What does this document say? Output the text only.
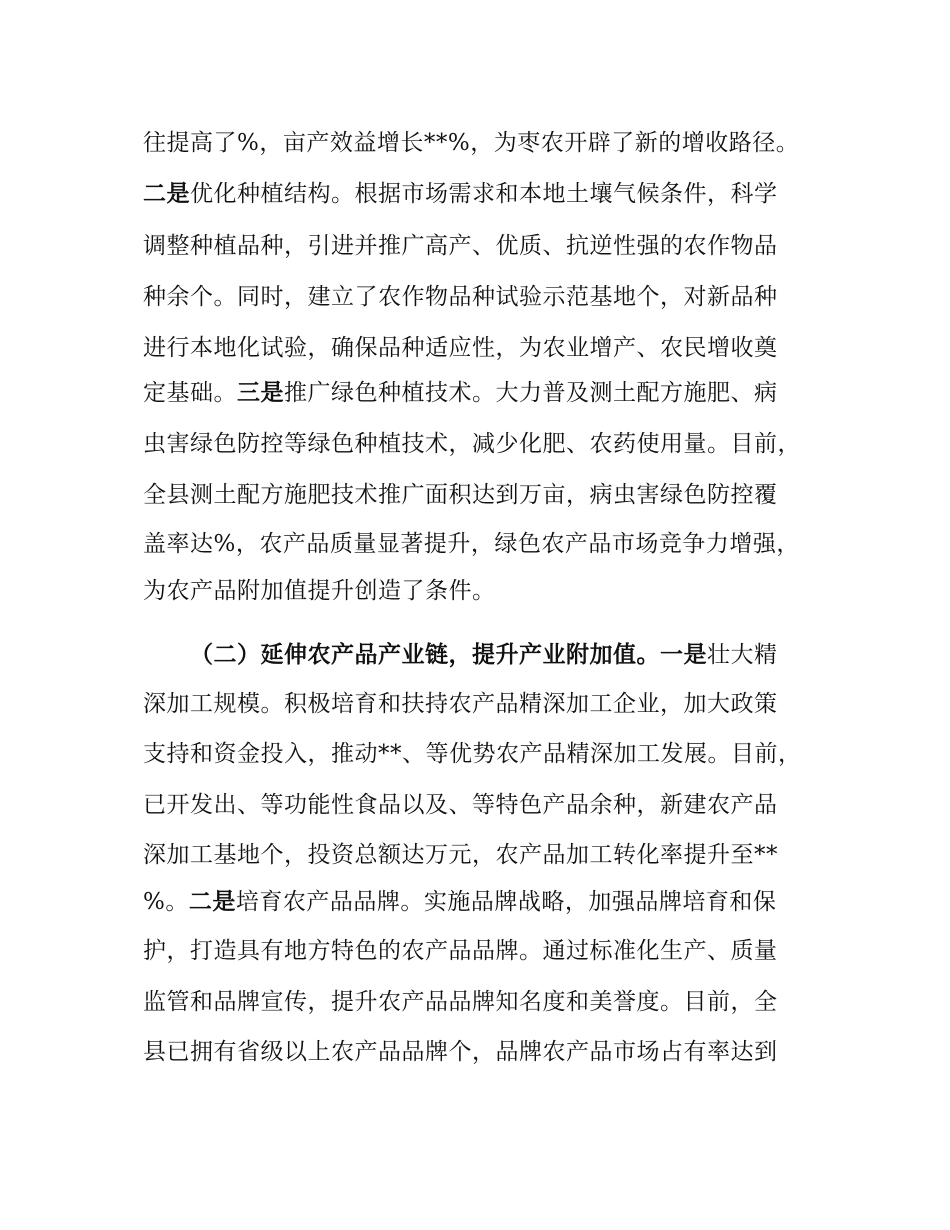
往提高了%，亩产效益增长**%，为枣农开辟了新的增收路径。
二是优化种植结构。根据市场需求和本地土壤气候条件，科学
调整种植品种，引进并推广高产、优质、抗逆性强的农作物品
种余个。同时，建立了农作物品种试验示范基地个，对新品种
进行本地化试验，确保品种适应性，为农业增产、农民增收奠
定基础。三是推广绿色种植技术。大力普及测土配方施肥、病
虫害绿色防控等绿色种植技术，减少化肥、农药使用量。目前，
全县测土配方施肥技术推广面积达到万亩，病虫害绿色防控覆
盖率达%，农产品质量显著提升，绿色农产品市场竞争力增强，
为农产品附加值提升创造了条件。
（二）延伸农产品产业链，提升产业附加值。一是壮大精
深加工规模。积极培育和扶持农产品精深加工企业，加大政策
支持和资金投入，推动**、等优势农产品精深加工发展。目前，
已开发出、等功能性食品以及、等特色产品余种，新建农产品
深加工基地个，投资总额达万元，农产品加工转化率提升至**
%。二是培育农产品品牌。实施品牌战略，加强品牌培育和保
护，打造具有地方特色的农产品品牌。通过标准化生产、质量
监管和品牌宣传，提升农产品品牌知名度和美誉度。目前，全
县已拥有省级以上农产品品牌个，品牌农产品市场占有率达到
